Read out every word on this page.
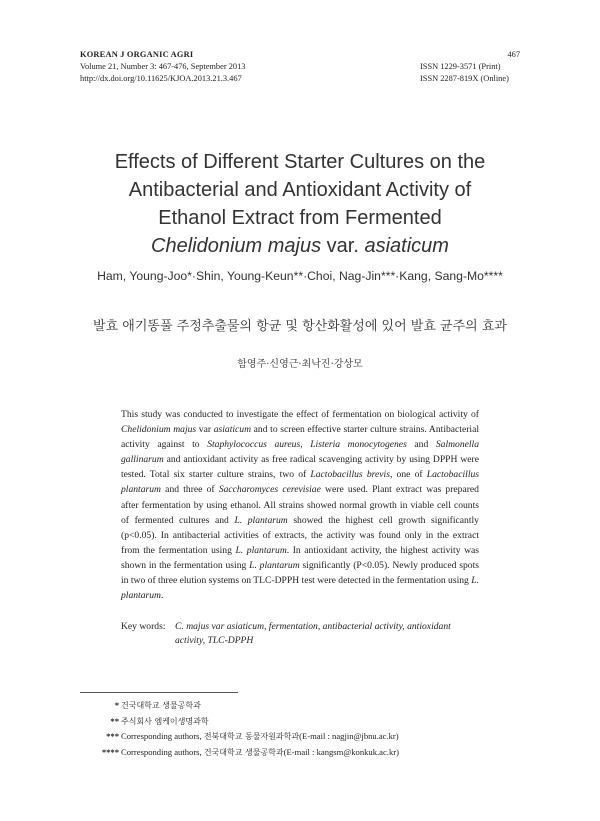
KOREAN J ORGANIC AGRI
Volume 21, Number 3: 467-476, September 2013
http://dx.doi.org/10.11625/KJOA.2013.21.3.467
467
ISSN 1229-3571 (Print)
ISSN 2287-819X (Online)
Effects of Different Starter Cultures on the
Antibacterial and Antioxidant Activity of
Ethanol Extract from Fermented
Chelidonium majus var. asiaticum
Ham, Young-Joo*·Shin, Young-Keun**·Choi, Nag-Jin***·Kang, Sang-Mo****
발효 애기똥풀 주정추출물의 항균 및 항산화활성에 있어 발효 균주의 효과
함영주·신영근·최낙진·강상모

This study was conducted to investigate the effect of fermentation on biological activity of Chelidonium majus var asiaticum and to screen effective starter culture strains. Antibacterial activity against to Staphylococcus aureus, Listeria monocytogenes and Salmonella gallinarum and antioxidant activity as free radical scavenging activity by using DPPH were tested. Total six starter culture strains, two of Lactobacillus brevis, one of Lactobacillus plantarum and three of Saccharomyces cerevisiae were used. Plant extract was prepared after fermentation by using ethanol. All strains showed normal growth in viable cell counts of fermented cultures and L. plantarum showed the highest cell growth significantly (p<0.05). In antibacterial activities of extracts, the activity was found only in the extract from the fermentation using L. plantarum. In antioxidant activity, the highest activity was shown in the fermentation using L. plantarum significantly (P<0.05). Newly produced spots in two of three elution systems on TLC-DPPH test were detected in the fermentation using L. plantarum.

Key words: C. majus var asiaticum, fermentation, antibacterial activity, antioxidant
activity, TLC-DPPH
* 건국대학교 생물공학과
** 주식회사 엠케이생명과학
*** Corresponding authors, 전북대학교 동물자원과학과(E-mail : nagjin@jbnu.ac.kr)
**** Corresponding authors, 건국대학교 생물공학과(E-mail : kangsm@konkuk.ac.kr)
